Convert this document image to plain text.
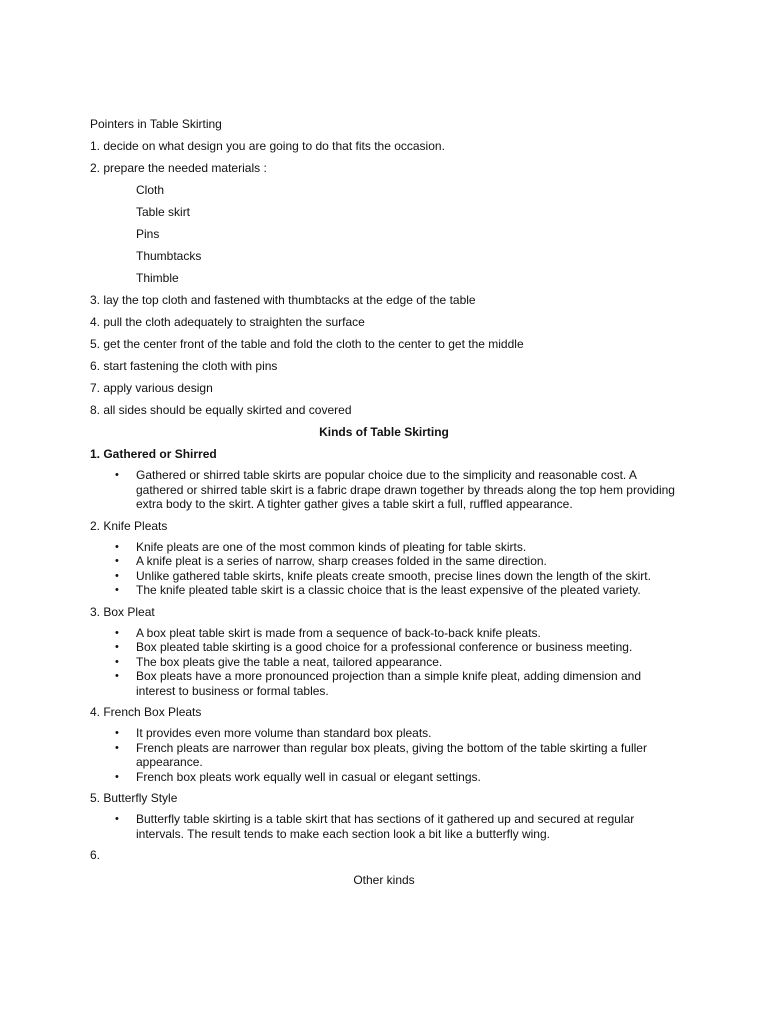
Pointers in Table Skirting
1. decide on what design you are going to do that fits the occasion.
2. prepare the needed materials :
Cloth
Table skirt
Pins
Thumbtacks
Thimble
3. lay the top cloth and fastened with thumbtacks at the edge of the table
4. pull the cloth adequately to straighten the surface
5. get the center front of the table and fold the cloth to the center to get the middle
6. start fastening the cloth with pins
7. apply various design
8. all sides should be equally skirted and covered
Kinds of Table Skirting
1. Gathered or Shirred
• Gathered or shirred table skirts are popular choice due to the simplicity and reasonable cost. A gathered or shirred table skirt is a fabric drape drawn together by threads along the top hem providing extra body to the skirt. A tighter gather gives a table skirt a full, ruffled appearance.
2. Knife Pleats
• Knife pleats are one of the most common kinds of pleating for table skirts.
• A knife pleat is a series of narrow, sharp creases folded in the same direction.
• Unlike gathered table skirts, knife pleats create smooth, precise lines down the length of the skirt.
• The knife pleated table skirt is a classic choice that is the least expensive of the pleated variety.
3. Box Pleat
• A box pleat table skirt is made from a sequence of back-to-back knife pleats.
• Box pleated table skirting is a good choice for a professional conference or business meeting.
• The box pleats give the table a neat, tailored appearance.
• Box pleats have a more pronounced projection than a simple knife pleat, adding dimension and interest to business or formal tables.
4. French Box Pleats
• It provides even more volume than standard box pleats.
• French pleats are narrower than regular box pleats, giving the bottom of the table skirting a fuller appearance.
• French box pleats work equally well in casual or elegant settings.
5. Butterfly Style
• Butterfly table skirting is a table skirt that has sections of it gathered up and secured at regular intervals. The result tends to make each section look a bit like a butterfly wing.
6.
Other kinds
